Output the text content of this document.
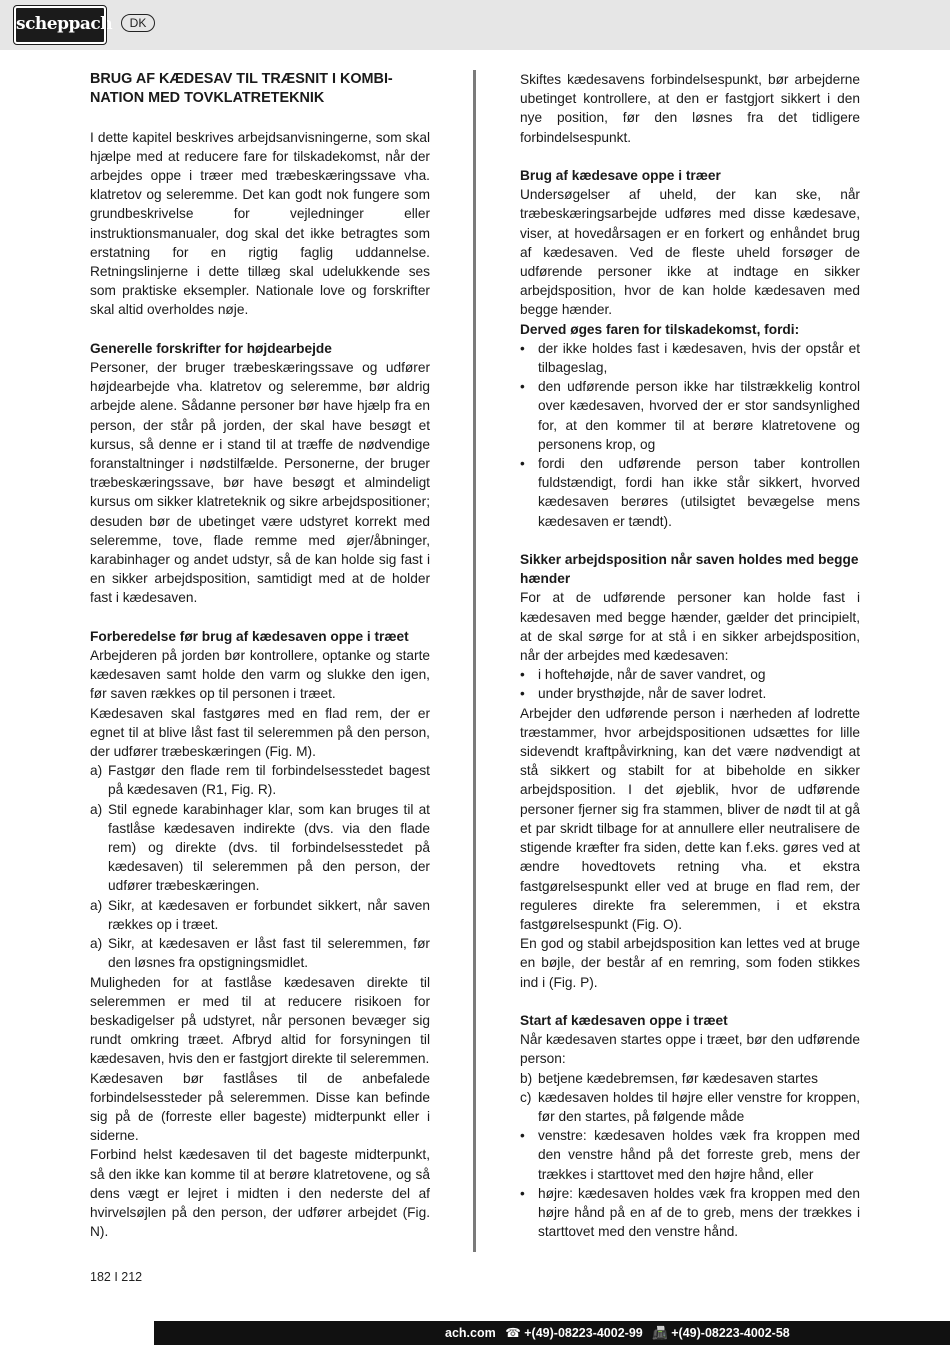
scheppach	DK
BRUG AF KÆDESAV TIL TRÆSNIT I KOMBI-NATION MED TOVKLATRETEKNIK

I dette kapitel beskrives arbejdsanvisningerne, som skal hjælpe med at reducere fare for tilskadekomst, når der arbejdes oppe i træer med træbeskæringssave vha. klatretov og seleremme. Det kan godt nok fungere som grundbeskrivelse for vejledninger eller instruktionsmanualer, dog skal det ikke betragtes som erstatning for en rigtig faglig uddannelse. Retningslinjerne i dette tillæg skal udelukkende ses som praktiske eksempler. Nationale love og forskrifter skal altid overholdes nøje.

Generelle forskrifter for højdearbejde

Personer, der bruger træbeskæringssave og udfører højdearbejde vha. klatretov og seleremme, bør aldrig arbejde alene. Sådanne personer bør have hjælp fra en person, der står på jorden, der skal have besøgt et kursus, så denne er i stand til at træffe de nødvendige foranstaltninger i nødstilfælde. Personerne, der bruger træbeskæringssave, bør have besøgt et almindeligt kursus om sikker klatreteknik og sikre arbejdspositioner; desuden bør de ubetinget være udstyret korrekt med seleremme, tove, flade remme med øjer/åbninger, karabinhager og andet udstyr, så de kan holde sig fast i en sikker arbejdsposition, samtidigt med at de holder fast i kædesaven.

Forberedelse før brug af kædesaven oppe i træet

Arbejderen på jorden bør kontrollere, optanke og starte kædesaven samt holde den varm og slukke den igen, før saven rækkes op til personen i træet.

Kædesaven skal fastgøres med en flad rem, der er egnet til at blive låst fast til seleremmen på den person, der udfører træbeskæringen (Fig. M).

a) Fastgør den flade rem til forbindelsesstedet bagest på kædesaven (R1, Fig. R).
a) Stil egnede karabinhager klar, som kan bruges til at fastlåse kædesaven indirekte (dvs. via den flade rem) og direkte (dvs. til forbindelsesstedet på kædesaven) til seleremmen på den person, der udfører træbeskæringen.
a) Sikr, at kædesaven er forbundet sikkert, når saven rækkes op i træet.
a) Sikr, at kædesaven er låst fast til seleremmen, før den løsnes fra opstigningsmidlet.

Muligheden for at fastlåse kædesaven direkte til seleremmen er med til at reducere risikoen for beskadigelser på udstyret, når personen bevæger sig rundt omkring træet. Afbryd altid for forsyningen til kædesaven, hvis den er fastgjort direkte til seleremmen.

Kædesaven bør fastlåses til de anbefalede forbindelsessteder på seleremmen. Disse kan befinde sig på de (forreste eller bageste) midterpunkt eller i siderne.

Forbind helst kædesaven til det bageste midterpunkt, så den ikke kan komme til at berøre klatretovene, og så dens vægt er lejret i midten i den nederste del af hvirvelsøjlen på den person, der udfører arbejdet (Fig. N).

Skiftes kædesavens forbindelsespunkt, bør arbejderne ubetinget kontrollere, at den er fastgjort sikkert i den nye position, før den løsnes fra det tidligere forbindelsespunkt.

Brug af kædesave oppe i træer

Undersøgelser af uheld, der kan ske, når træbeskæringsarbejde udføres med disse kædesave, viser, at hovedårsagen er en forkert og enhåndet brug af kædesaven. Ved de fleste uheld forsøger de udførende personer ikke at indtage en sikker arbejdsposition, hvor de kan holde kædesaven med begge hænder.

Derved øges faren for tilskadekomst, fordi:

• der ikke holdes fast i kædesaven, hvis der opstår et tilbageslag,
• den udførende person ikke har tilstrækkelig kontrol over kædesaven, hvorved der er stor sandsynlighed for, at den kommer til at berøre klatretovene og personens krop, og
• fordi den udførende person taber kontrollen fuldstændigt, fordi han ikke står sikkert, hvorved kædesaven berøres (utilsigtet bevægelse mens kædesaven er tændt).

Sikker arbejdsposition når saven holdes med begge hænder

For at de udførende personer kan holde fast i kædesaven med begge hænder, gælder det principielt, at de skal sørge for at stå i en sikker arbejdsposition, når der arbejdes med kædesaven:

• i hoftehøjde, når de saver vandret, og
• under brysthøjde, når de saver lodret.

Arbejder den udførende person i nærheden af lodrette træstammer, hvor arbejdspositionen udsættes for lille sidevendt kraftpåvirkning, kan det være nødvendigt at stå sikkert og stabilt for at bibeholde en sikker arbejdsposition. I det øjeblik, hvor de udførende personer fjerner sig fra stammen, bliver de nødt til at gå et par skridt tilbage for at annullere eller neutralisere de stigende kræfter fra siden, dette kan f.eks. gøres ved at ændre hovedtovets retning vha. et ekstra fastgørelsespunkt eller ved at bruge en flad rem, der reguleres direkte fra seleremmen, i et ekstra fastgørelsespunkt (Fig. O).

En god og stabil arbejdsposition kan lettes ved at bruge en bøjle, der består af en remring, som foden stikkes ind i (Fig. P).

Start af kædesaven oppe i træet

Når kædesaven startes oppe i træet, bør den udførende person:

b) betjene kædebremsen, før kædesaven startes
c) kædesaven holdes til højre eller venstre for kroppen, før den startes, på følgende måde
• venstre: kædesaven holdes væk fra kroppen med den venstre hånd på det forreste greb, mens der trækkes i starttovet med den højre hånd, eller
• højre: kædesaven holdes væk fra kroppen med den højre hånd på en af de to greb, mens der trækkes i starttovet med den venstre hånd.
182 I 212
ach.com ☎ +(49)-08223-4002-99 📠 +(49)-08223-4002-58
